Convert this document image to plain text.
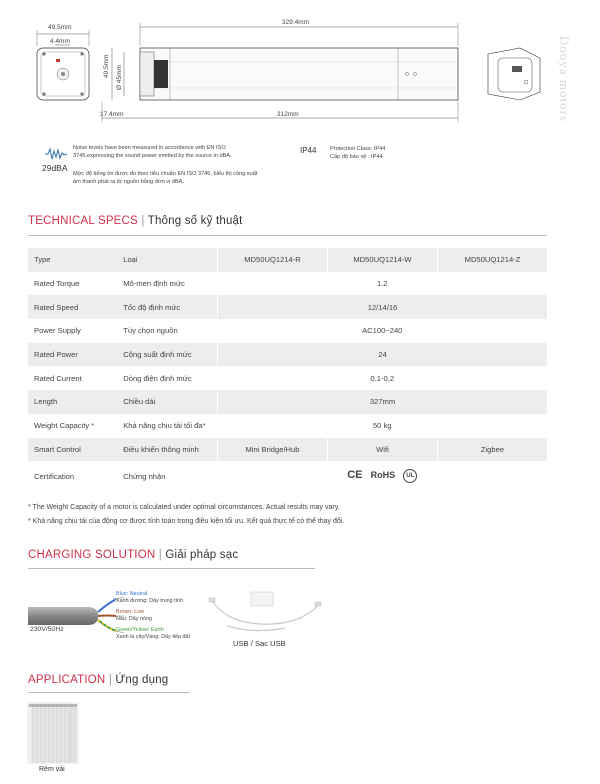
49.5mm
4.4mm
329.4mm
49.5mm Ø 45mm
17.4mm	312mm	Dooya motors
29dBA
Noise levels have been measured in accordance with EN ISO 3745,expressing the sound power emitted by the source in dBA.
Mức độ tiếng ồn được đo theo tiêu chuẩn EN ISO 3745, biểu thị công suất âm thanh phát ra từ nguồn bằng đơn vị dBA.
IP44 Protection Class: IP44
Cấp độ bảo vệ : IP44
TECHNICAL SPECS | Thông số kỹ thuật
Type	Loại	MD50UQ1214-R	MD50UQ1214-W	MD50UQ1214-Z
Rated Torque	Mô-men định mức	1.2		
Rated Speed	Tốc độ định mức	12/14/16		
Power Supply	Tùy chọn nguồn	AC100~240		
Rated Power	Cộng suất định mức	24		
Rated Current	Dòng điện định mức	0.1-0.2		
Length	Chiều dài	327mm		
Weight Capacity *	Khả năng chịu tải tối đa*	50 kg		
Smart Control	Điều khiển thông minh	Mini Bridge/Hub	Wifi	Zigbee
Certification	Chứng nhận	CE RoHS UL		
* The Weight Capacity of a motor is calculated under optimal circumstances. Actual results may vary.
* Khả năng chịu tải của động cơ được tính toán trong điều kiện tối ưu. Kết quả thực tế có thể thay đổi.
CHARGING SOLUTION | Giải pháp sạc
230V/50Hz
Blue: Neutral
Xanh dương: Dây trung tính
Brown: Live
Nâu: Dây nóng
Green/Yellow: Earth
Xanh lá cây/Vàng: Dây tiếp đất
USB / Sạc USB
APPLICATION | Ứng dụng
Rèm vải
